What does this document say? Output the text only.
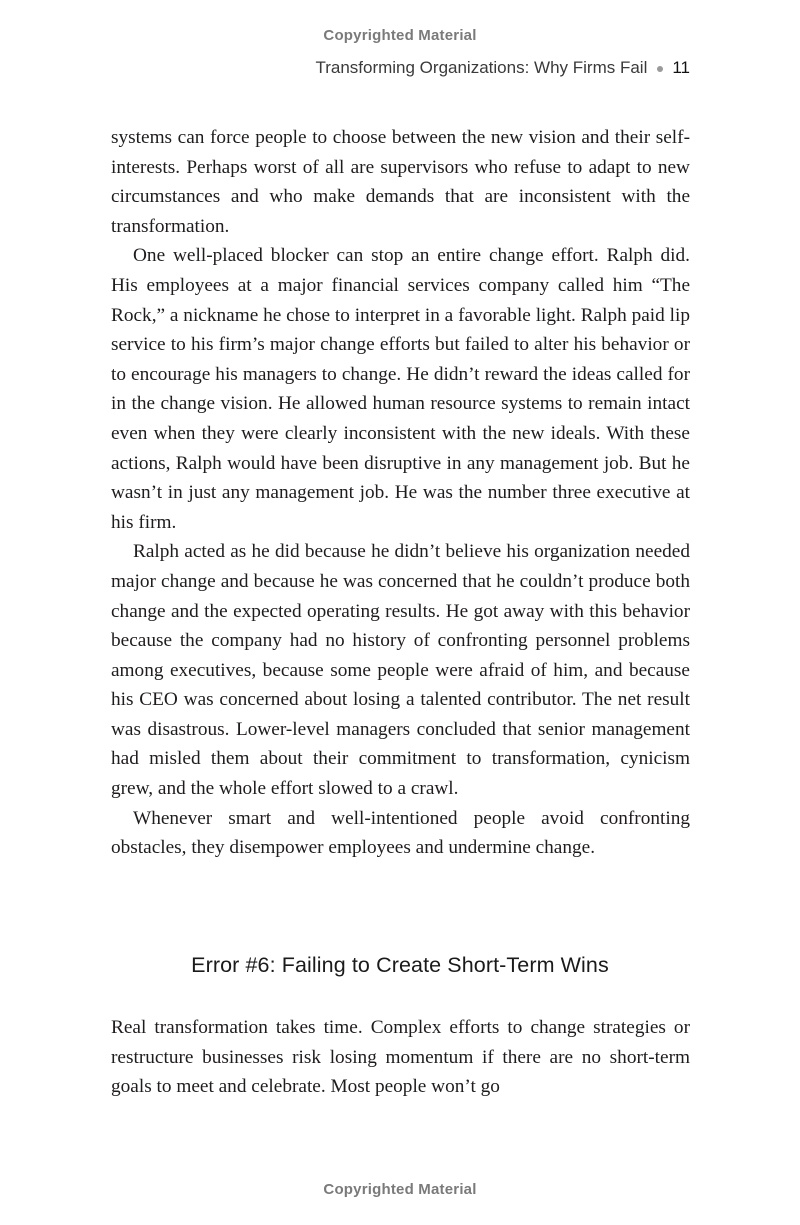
Copyrighted Material
Transforming Organizations: Why Firms Fail 11

systems can force people to choose between the new vision and their self-interests. Perhaps worst of all are supervisors who refuse to adapt to new circumstances and who make demands that are inconsistent with the transformation.

One well-placed blocker can stop an entire change effort. Ralph did. His employees at a major financial services company called him “The Rock,” a nickname he chose to interpret in a favorable light. Ralph paid lip service to his firm’s major change efforts but failed to alter his behavior or to encourage his managers to change. He didn’t reward the ideas called for in the change vision. He allowed human resource systems to remain intact even when they were clearly inconsistent with the new ideals. With these actions, Ralph would have been disruptive in any management job. But he wasn’t in just any management job. He was the number three executive at his firm.

Ralph acted as he did because he didn’t believe his organization needed major change and because he was concerned that he couldn’t produce both change and the expected operating results. He got away with this behavior because the company had no history of confronting personnel problems among executives, because some people were afraid of him, and because his CEO was concerned about losing a talented contributor. The net result was disastrous. Lower-level managers concluded that senior management had misled them about their commitment to transformation, cynicism grew, and the whole effort slowed to a crawl.

Whenever smart and well-intentioned people avoid confronting obstacles, they disempower employees and undermine change.

Error #6: Failing to Create Short-Term Wins

Real transformation takes time. Complex efforts to change strategies or restructure businesses risk losing momentum if there are no short-term goals to meet and celebrate. Most people won’t go

Copyrighted Material
